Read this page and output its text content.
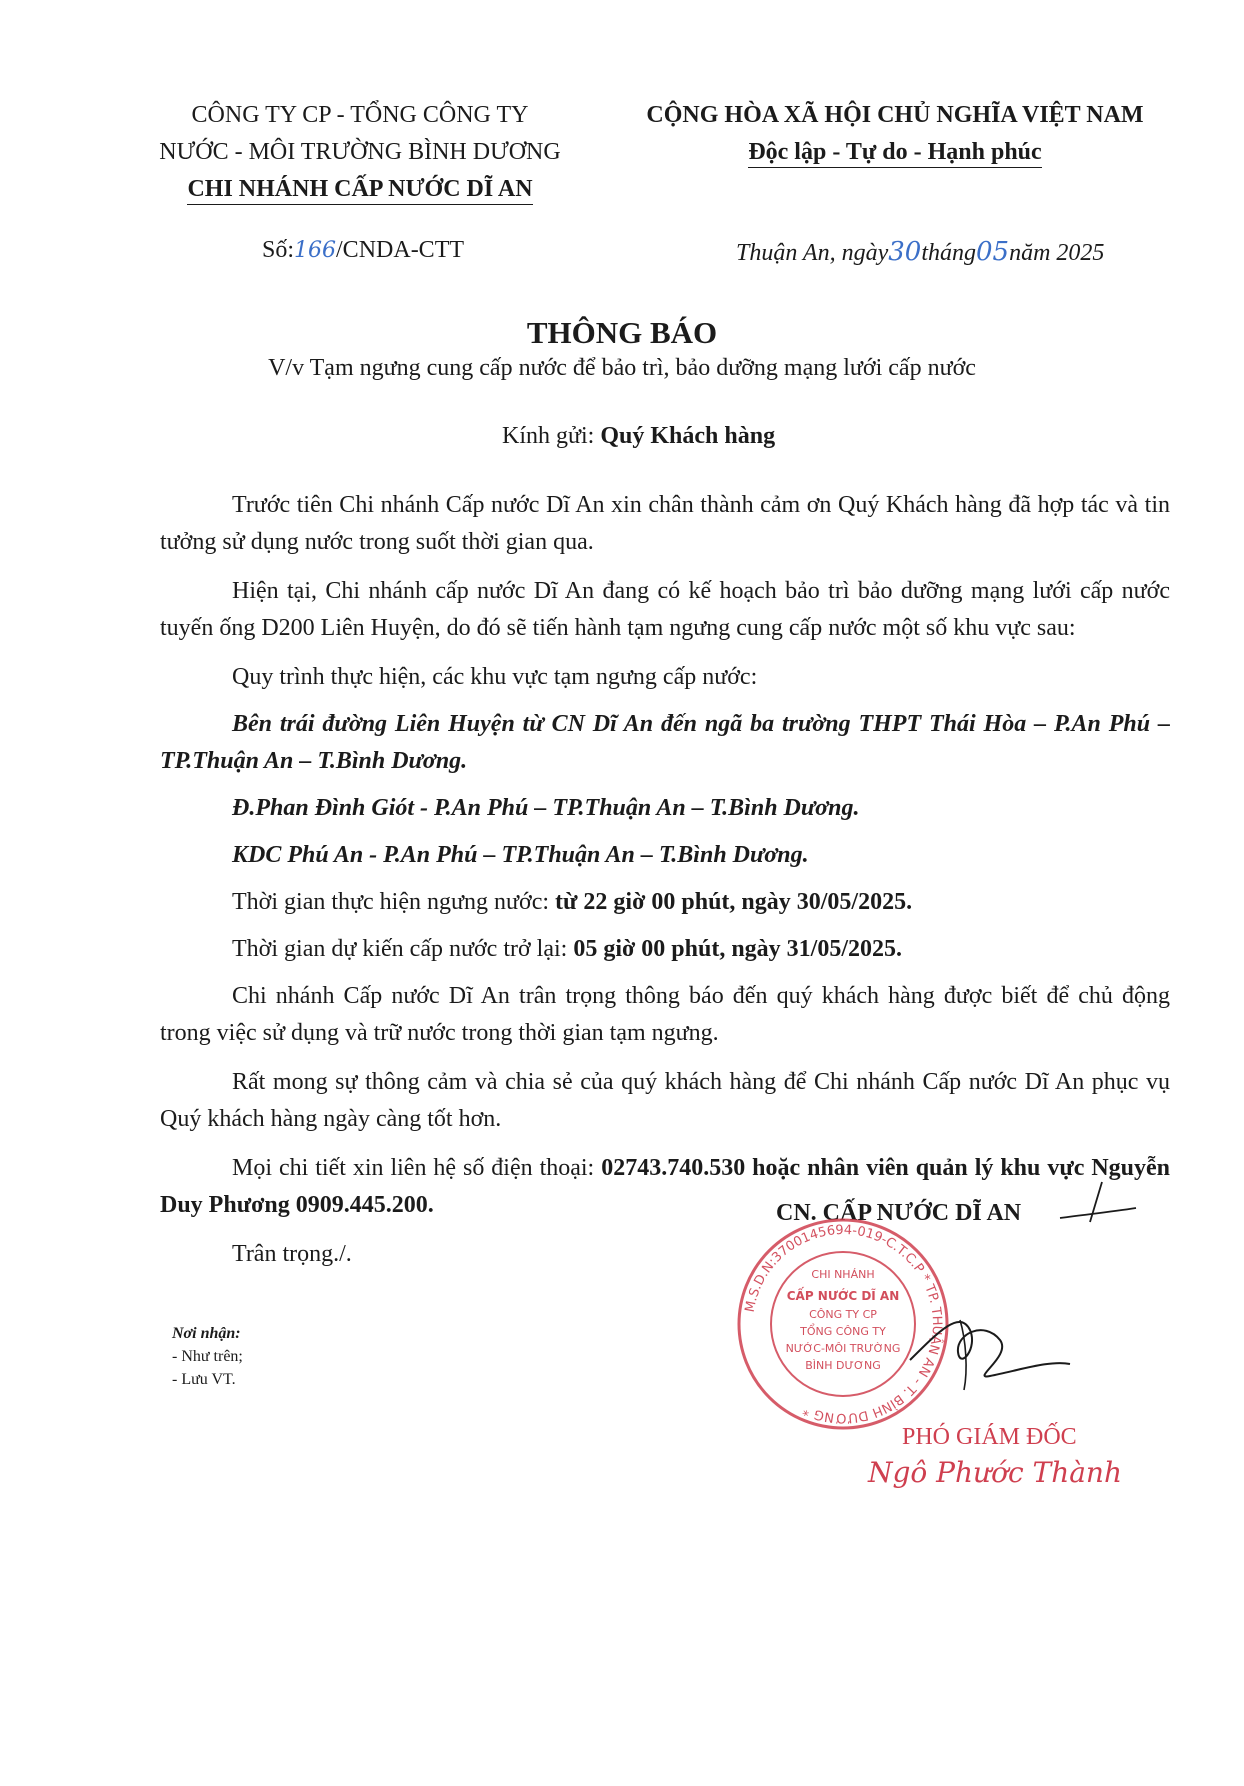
CÔNG TY CP - TỔNG CÔNG TY
NƯỚC - MÔI TRƯỜNG BÌNH DƯƠNG
CHI NHÁNH CẤP NƯỚC DĨ AN
CỘNG HÒA XÃ HỘI CHỦ NGHĨA VIỆT NAM
Độc lập - Tự do - Hạnh phúc
Số:166/CNDA-CTT	Thuận An, ngày30tháng05năm 2025
THÔNG BÁO
V/v Tạm ngưng cung cấp nước để bảo trì, bảo dưỡng mạng lưới cấp nước
Kính gửi: Quý Khách hàng

Trước tiên Chi nhánh Cấp nước Dĩ An xin chân thành cảm ơn Quý Khách hàng đã hợp tác và tin tưởng sử dụng nước trong suốt thời gian qua.

Hiện tại, Chi nhánh cấp nước Dĩ An đang có kế hoạch bảo trì bảo dưỡng mạng lưới cấp nước tuyến ống D200 Liên Huyện, do đó sẽ tiến hành tạm ngưng cung cấp nước một số khu vực sau:

Quy trình thực hiện, các khu vực tạm ngưng cấp nước:

Bên trái đường Liên Huyện từ CN Dĩ An đến ngã ba trường THPT Thái Hòa – P.An Phú – TP.Thuận An – T.Bình Dương.

Đ.Phan Đình Giót - P.An Phú – TP.Thuận An – T.Bình Dương.

KDC Phú An - P.An Phú – TP.Thuận An – T.Bình Dương.

Thời gian thực hiện ngưng nước: từ 22 giờ 00 phút, ngày 30/05/2025.

Thời gian dự kiến cấp nước trở lại: 05 giờ 00 phút, ngày 31/05/2025.

Chi nhánh Cấp nước Dĩ An trân trọng thông báo đến quý khách hàng được biết để chủ động trong việc sử dụng và trữ nước trong thời gian tạm ngưng.

Rất mong sự thông cảm và chia sẻ của quý khách hàng để Chi nhánh Cấp nước Dĩ An phục vụ Quý khách hàng ngày càng tốt hơn.

Mọi chi tiết xin liên hệ số điện thoại: 02743.740.530 hoặc nhân viên quản lý khu vực Nguyễn Duy Phương 0909.445.200.

Trân trọng./.

Nơi nhận:
- Như trên;
- Lưu VT.
CN. CẤP NƯỚC DĨ AN
M.S.D.N:3700145694-019-C.T.C.P * TP. THUẬN AN - T. BÌNH DƯƠNG *
CHI NHÁNH
CẤP NƯỚC DĨ AN
CÔNG TY CP
TỔNG CÔNG TY
NƯỚC-MÔI TRƯỜNG
BÌNH DƯƠNG
PHÓ GIÁM ĐỐC
Ngô Phước Thành
